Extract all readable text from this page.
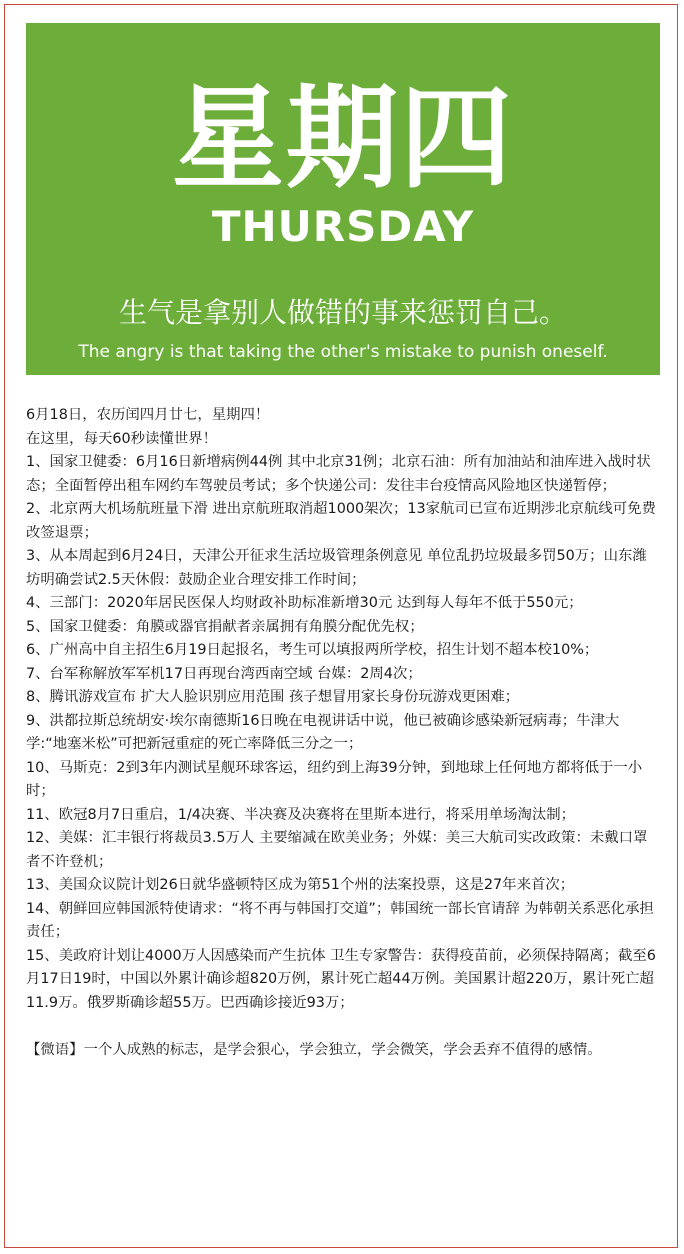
星期四
THURSDAY
生气是拿别人做错的事来惩罚自己。
The angry is that taking the other's mistake to punish oneself.

6月18日，农历闰四月廿七，星期四！

在这里，每天60秒读懂世界！

1、国家卫健委：6月16日新增病例44例 其中北京31例；北京石油：所有加油站和油库进入战时状态；全面暂停出租车网约车驾驶员考试；多个快递公司：发往丰台疫情高风险地区快递暂停；

2、北京两大机场航班量下滑 进出京航班取消超1000架次；13家航司已宣布近期涉北京航线可免费改签退票；

3、从本周起到6月24日，天津公开征求生活垃圾管理条例意见 单位乱扔垃圾最多罚50万；山东潍坊明确尝试2.5天休假：鼓励企业合理安排工作时间；

4、三部门：2020年居民医保人均财政补助标准新增30元 达到每人每年不低于550元；

5、国家卫健委：角膜或器官捐献者亲属拥有角膜分配优先权；

6、广州高中自主招生6月19日起报名，考生可以填报两所学校，招生计划不超本校10%；

7、台军称解放军军机17日再现台湾西南空域 台媒：2周4次；

8、腾讯游戏宣布 扩大人脸识别应用范围 孩子想冒用家长身份玩游戏更困难；

9、洪都拉斯总统胡安·埃尔南德斯16日晚在电视讲话中说，他已被确诊感染新冠病毒；牛津大学:“地塞米松”可把新冠重症的死亡率降低三分之一；

10、马斯克：2到3年内测试星舰环球客运，纽约到上海39分钟，到地球上任何地方都将低于一小时；

11、欧冠8月7日重启，1/4决赛、半决赛及决赛将在里斯本进行，将采用单场淘汰制；

12、美媒：汇丰银行将裁员3.5万人 主要缩减在欧美业务；外媒：美三大航司实改政策：未戴口罩者不许登机；

13、美国众议院计划26日就华盛顿特区成为第51个州的法案投票，这是27年来首次；

14、朝鲜回应韩国派特使请求：“将不再与韩国打交道”；韩国统一部长官请辞 为韩朝关系恶化承担责任；

15、美政府计划让4000万人因感染而产生抗体 卫生专家警告：获得疫苗前，必须保持隔离；截至6月17日19时，中国以外累计确诊超820万例，累计死亡超44万例。美国累计超220万，累计死亡超11.9万。俄罗斯确诊超55万。巴西确诊接近93万；

【微语】一个人成熟的标志，是学会狠心，学会独立，学会微笑，学会丢弃不值得的感情。
